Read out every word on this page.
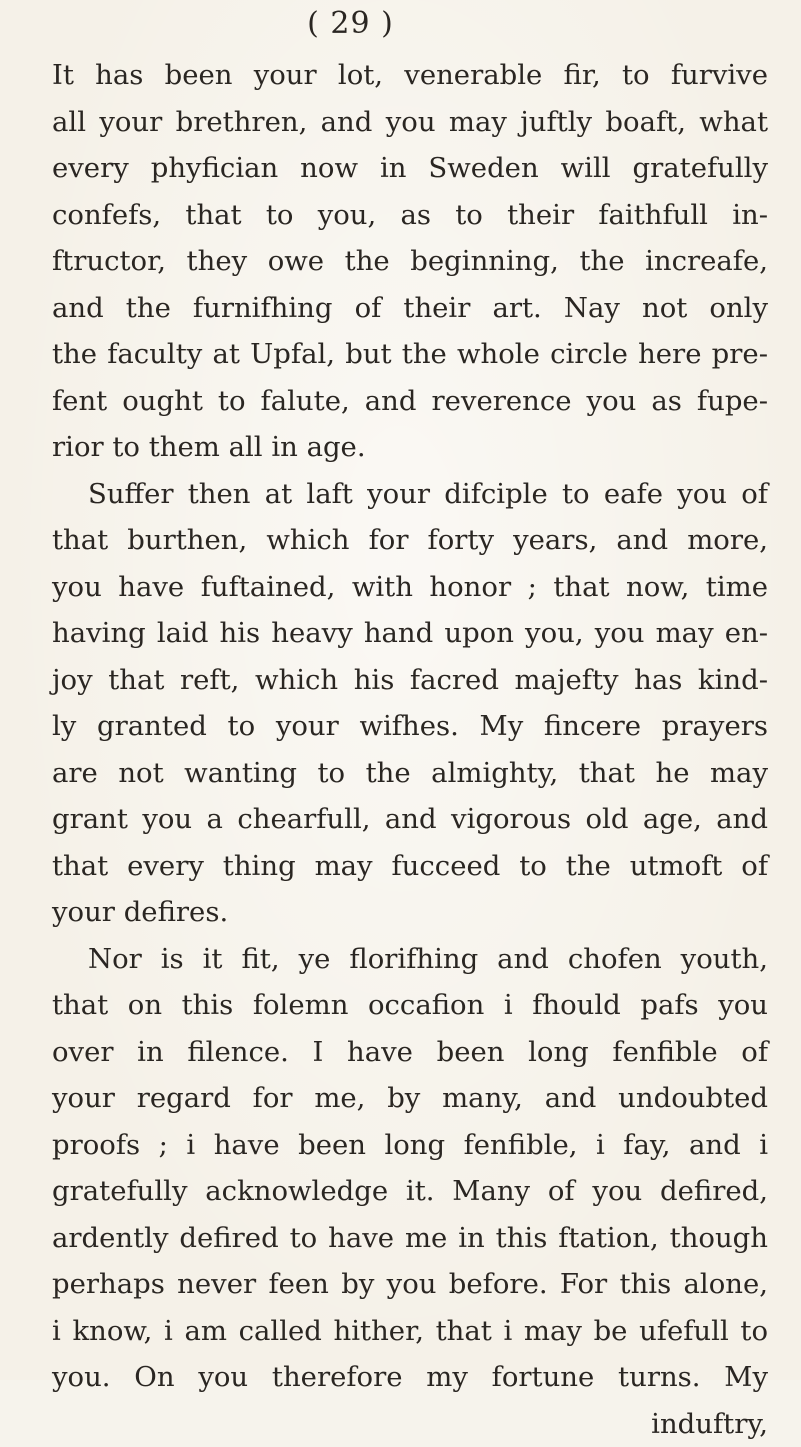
( 29 )
It has been your lot, venerable fir, to furvive
all your brethren, and you may juftly boaft, what
every phyfician now in Sweden will gratefully
confefs, that to you, as to their faithfull in-
ftructor, they owe the beginning, the increafe,
and the furnifhing of their art. Nay not only
the faculty at Upfal, but the whole circle here pre-
fent ought to falute, and reverence you as fupe-
rior to them all in age.
Suffer then at laft your difciple to eafe you of
that burthen, which for forty years, and more,
you have fuftained, with honor ; that now, time
having laid his heavy hand upon you, you may en-
joy that reft, which his facred majefty has kind-
ly granted to your wifhes. My fincere prayers
are not wanting to the almighty, that he may
grant you a chearfull, and vigorous old age, and
that every thing may fucceed to the utmoft of
your defires.
Nor is it fit, ye florifhing and chofen youth,
that on this folemn occafion i fhould pafs you
over in filence. I have been long fenfible of
your regard for me, by many, and undoubted
proofs ; i have been long fenfible, i fay, and i
gratefully acknowledge it. Many of you defired,
ardently defired to have me in this ftation, though
perhaps never feen by you before. For this alone,
i know, i am called hither, that i may be ufefull to
you. On you therefore my fortune turns. My
induftry,
